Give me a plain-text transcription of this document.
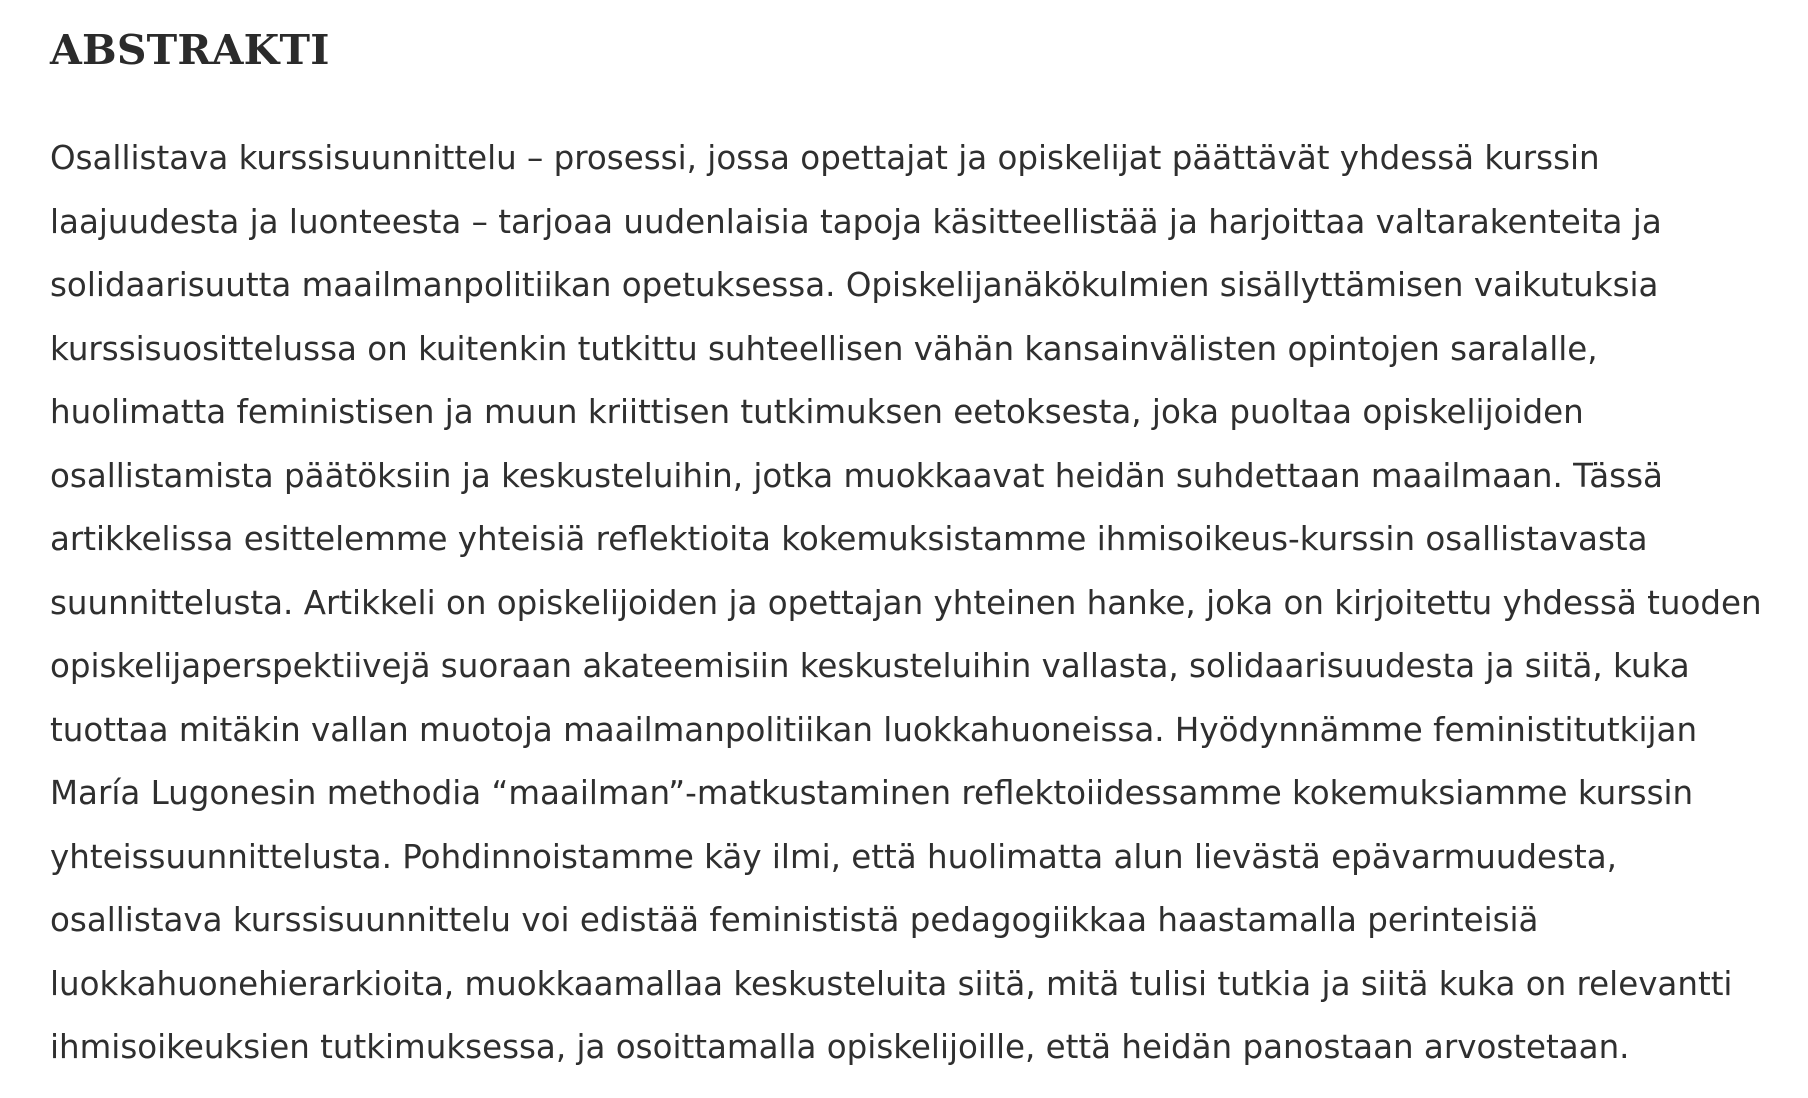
ABSTRAKTI
Osallistava kurssisuunnittelu – prosessi, jossa opettajat ja opiskelijat päättävät yhdessä kurssin
laajuudesta ja luonteesta – tarjoaa uudenlaisia tapoja käsitteellistää ja harjoittaa valtarakenteita ja
solidaarisuutta maailmanpolitiikan opetuksessa. Opiskelijanäkökulmien sisällyttämisen vaikutuksia
kurssisuosittelussa on kuitenkin tutkittu suhteellisen vähän kansainvälisten opintojen saralalle,
huolimatta feministisen ja muun kriittisen tutkimuksen eetoksesta, joka puoltaa opiskelijoiden
osallistamista päätöksiin ja keskusteluihin, jotka muokkaavat heidän suhdettaan maailmaan. Tässä
artikkelissa esittelemme yhteisiä reflektioita kokemuksistamme ihmisoikeus-kurssin osallistavasta
suunnittelusta. Artikkeli on opiskelijoiden ja opettajan yhteinen hanke, joka on kirjoitettu yhdessä tuoden
opiskelijaperspektiivejä suoraan akateemisiin keskusteluihin vallasta, solidaarisuudesta ja siitä, kuka
tuottaa mitäkin vallan muotoja maailmanpolitiikan luokkahuoneissa. Hyödynnämme feministitutkijan
María Lugonesin methodia “maailman”-matkustaminen reflektoiidessamme kokemuksiamme kurssin
yhteissuunnittelusta. Pohdinnoistamme käy ilmi, että huolimatta alun lievästä epävarmuudesta,
osallistava kurssisuunnittelu voi edistää feminististä pedagogiikkaa haastamalla perinteisiä
luokkahuonehierarkioita, muokkaamallaa keskusteluita siitä, mitä tulisi tutkia ja siitä kuka on relevantti
ihmisoikeuksien tutkimuksessa, ja osoittamalla opiskelijoille, että heidän panostaan arvostetaan.
